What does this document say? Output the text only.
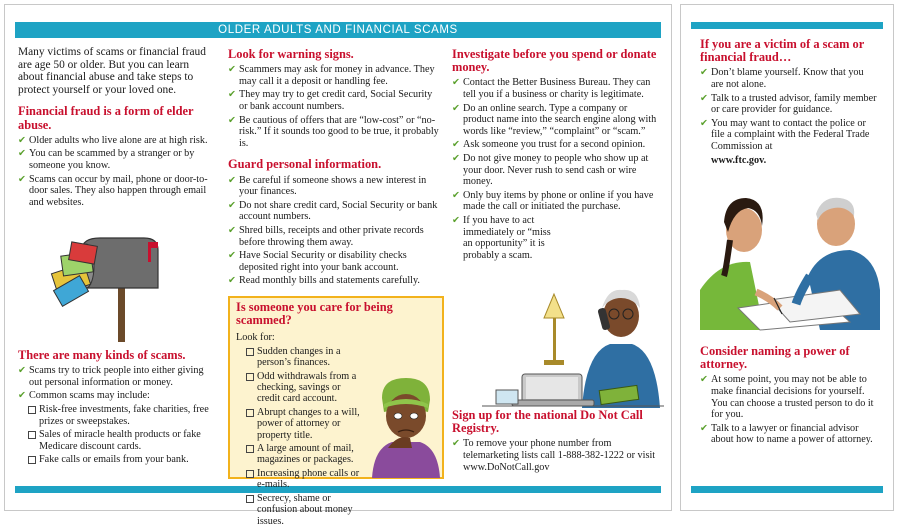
OLDER ADULTS AND FINANCIAL SCAMS

Many victims of scams or financial fraud are age 50 or older. But you can learn about financial abuse and take steps to protect yourself or your loved one.

Financial fraud is a form of elder abuse.
✔ Older adults who live alone are at high risk.
✔ You can be scammed by a stranger or by someone you know.
✔ Scams can occur by mail, phone or door-to-door sales. They also happen through email and websites.
There are many kinds of scams.
✔ Scams try to trick people into either giving out personal information or money.
✔ Common scams may include:
Risk-free investments, fake charities, free prizes or sweepstakes.
Sales of miracle health products or fake Medicare discount cards.
Fake calls or emails from your bank.
Look for warning signs.
✔ Scammers may ask for money in advance. They may call it a deposit or handling fee.
✔ They may try to get credit card, Social Security or bank account numbers.
✔ Be cautious of offers that are “low-cost” or “no-risk.” If it sounds too good to be true, it probably is.
Guard personal information.
✔ Be careful if someone shows a new interest in your finances.
✔ Do not share credit card, Social Security or bank account numbers.
✔ Shred bills, receipts and other private records before throwing them away.
✔ Have Social Security or disability checks deposited right into your bank account.
✔ Read monthly bills and statements carefully.
Is someone you care for being scammed?
Look for:
Sudden changes in a person’s finances.
Odd withdrawals from a checking, savings or credit card account.
Abrupt changes to a will, power of attorney or property title.
A large amount of mail, magazines or packages.
Increasing phone calls or e-mails.
Secrecy, shame or confusion about money issues.
Investigate before you spend or donate money.
✔ Contact the Better Business Bureau. They can tell you if a business or charity is legitimate.
✔ Do an online search. Type a company or product name into the search engine along with words like “review,” “complaint” or “scam.”
✔ Ask someone you trust for a second opinion.
✔ Do not give money to people who show up at your door. Never rush to send cash or wire money.
✔ Only buy items by phone or online if you have made the call or initiated the purchase.
✔ If you have to act immediately or “miss an opportunity” it is probably a scam.
Sign up for the national Do Not Call Registry.
✔ To remove your phone number from telemarketing lists call 1-888-382-1222 or visit www.DoNotCall.gov
If you are a victim of a scam or financial fraud…
✔ Don’t blame yourself. Know that you are not alone.
✔ Talk to a trusted advisor, family member or care provider for guidance.
✔ You may want to contact the police or file a complaint with the Federal Trade Commission at
www.ftc.gov.
Consider naming a power of attorney.
✔ At some point, you may not be able to make financial decisions for yourself. You can choose a trusted person to do it for you.
✔ Talk to a lawyer or financial advisor about how to name a power of attorney.
